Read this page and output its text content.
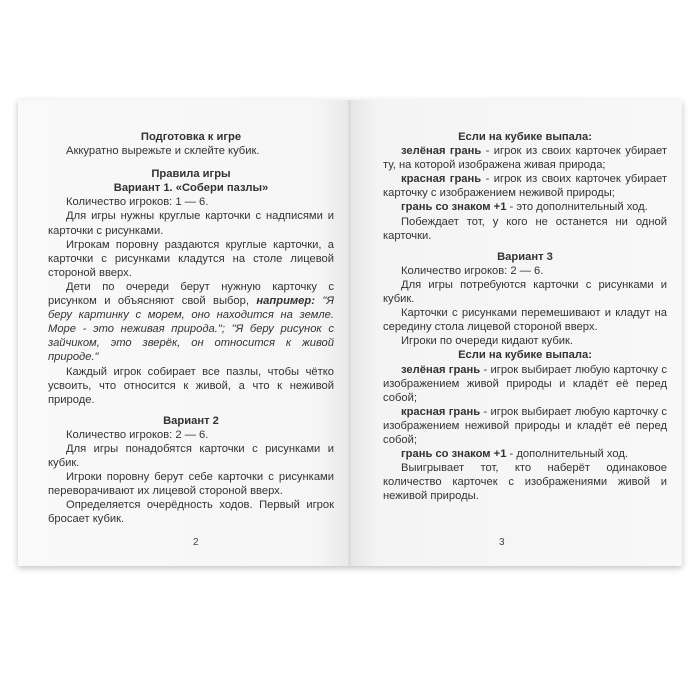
Подготовка к игре

Аккуратно вырежьте и склейте кубик.

Правила игры

Вариант 1. «Собери пазлы»

Количество игроков: 1 — 6.

Для игры нужны круглые карточки с надписями и карточки с рисунками.

Игрокам поровну раздаются круглые карточки, а карточки с рисунками кладутся на столе лицевой стороной вверх.

Дети по очереди берут нужную карточку с рисунком и объясняют свой выбор, например: "Я беру картинку с морем, оно находится на земле. Море - это неживая природа."; "Я беру рисунок с зайчиком, это зверёк, он относится к живой природе."

Каждый игрок собирает все пазлы, чтобы чётко усвоить, что относится к живой, а что к неживой природе.

Вариант 2

Количество игроков: 2 — 6.

Для игры понадобятся карточки с рисунками и кубик.

Игроки поровну берут себе карточки с рисунками переворачивают их лицевой стороной вверх.

Определяется очерёдность ходов. Первый игрок бросает кубик.

2

Если на кубике выпала:

зелёная грань - игрок из своих карточек убирает ту, на которой изображена живая природа;

красная грань - игрок из своих карточек убирает карточку с изображением неживой природы;

грань со знаком +1 - это дополнительный ход.

Побеждает тот, у кого не останется ни одной карточки.

Вариант 3

Количество игроков: 2 — 6.

Для игры потребуются карточки с рисунками и кубик.

Карточки с рисунками перемешивают и кладут на середину стола лицевой стороной вверх.

Игроки по очереди кидают кубик.

Если на кубике выпала:

зелёная грань - игрок выбирает любую карточку с изображением живой природы и кладёт её перед собой;

красная грань - игрок выбирает любую карточку с изображением неживой природы и кладёт её перед собой;

грань со знаком +1 - дополнительный ход.

Выигрывает тот, кто наберёт одинаковое количество карточек с изображениями живой и неживой природы.

3
